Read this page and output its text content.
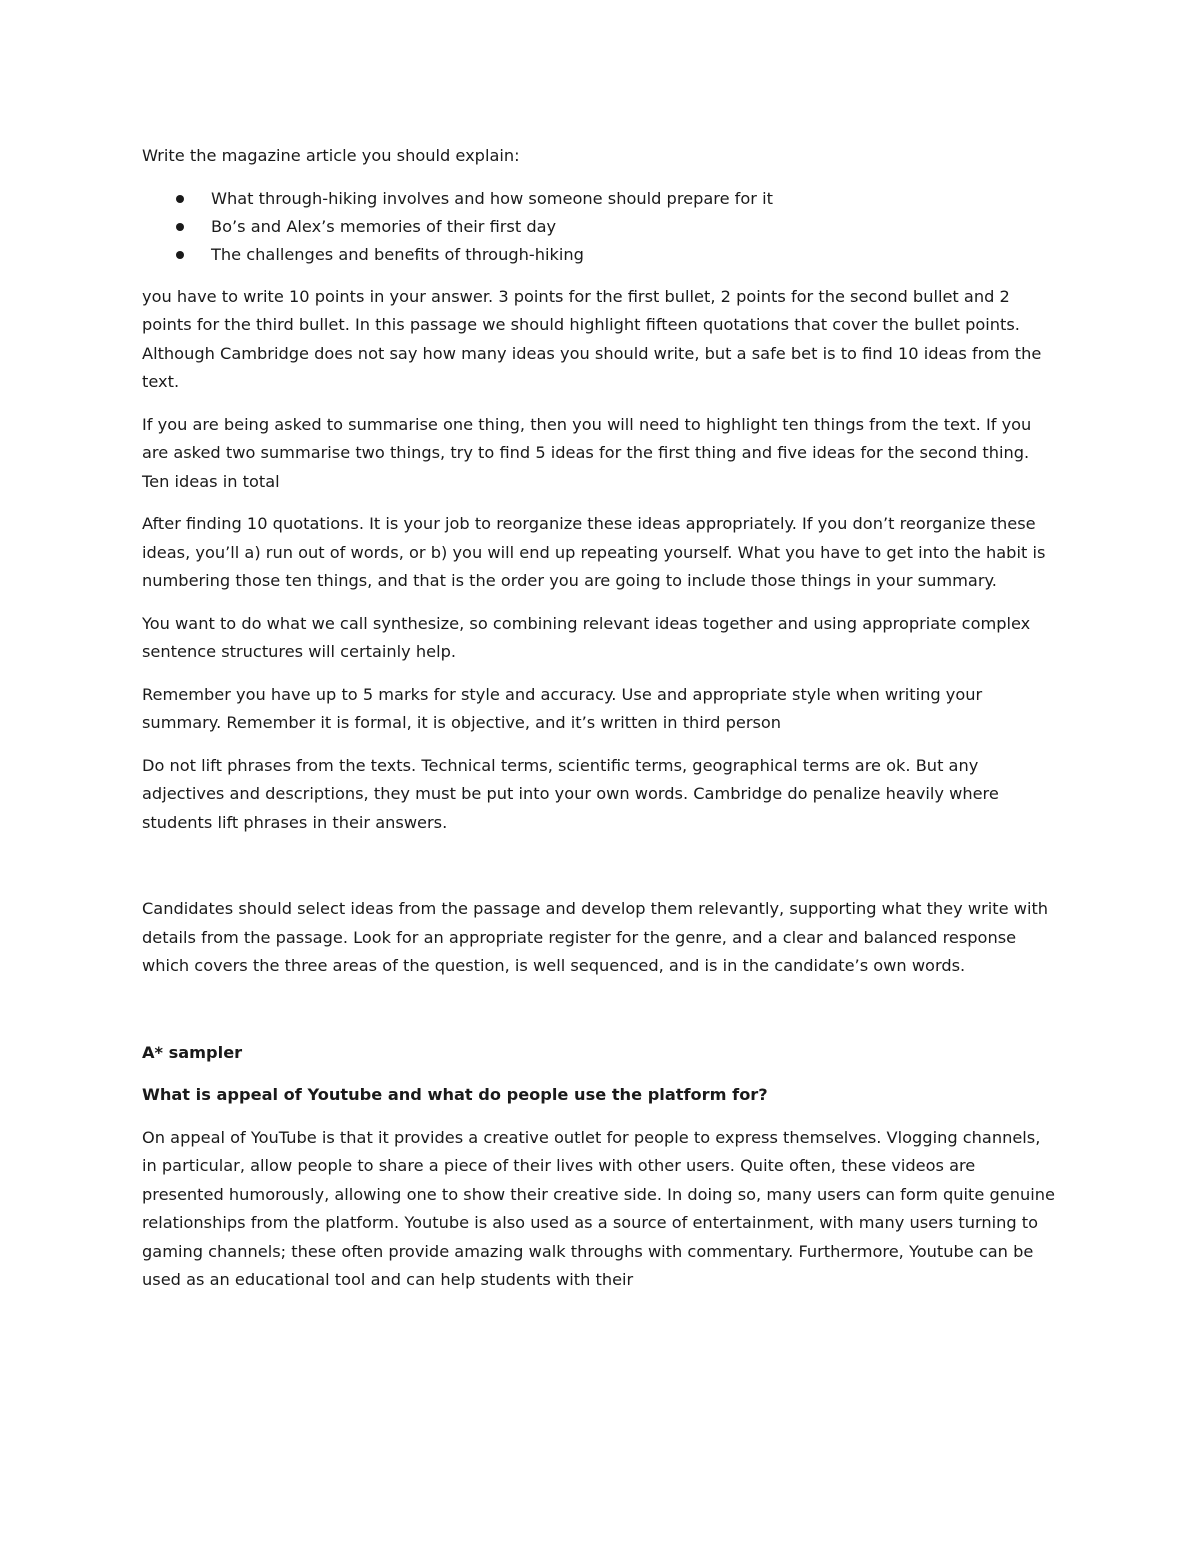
Write the magazine article you should explain:

What through-hiking involves and how someone should prepare for it
Bo’s and Alex’s memories of their first day
The challenges and benefits of through-hiking

you have to write 10 points in your answer. 3 points for the first bullet, 2 points for the second bullet and 2 points for the third bullet. In this passage we should highlight fifteen quotations that cover the bullet points. Although Cambridge does not say how many ideas you should write, but a safe bet is to find 10 ideas from the text.

If you are being asked to summarise one thing, then you will need to highlight ten things from the text. If you are asked two summarise two things, try to find 5 ideas for the first thing and five ideas for the second thing. Ten ideas in total

After finding 10 quotations. It is your job to reorganize these ideas appropriately. If you don’t reorganize these ideas, you’ll a) run out of words, or b) you will end up repeating yourself. What you have to get into the habit is numbering those ten things, and that is the order you are going to include those things in your summary.

You want to do what we call synthesize, so combining relevant ideas together and using appropriate complex sentence structures will certainly help.

Remember you have up to 5 marks for style and accuracy. Use and appropriate style when writing your summary. Remember it is formal, it is objective, and it’s written in third person

Do not lift phrases from the texts. Technical terms, scientific terms, geographical terms are ok. But any adjectives and descriptions, they must be put into your own words. Cambridge do penalize heavily where students lift phrases in their answers.

Candidates should select ideas from the passage and develop them relevantly, supporting what they write with details from the passage. Look for an appropriate register for the genre, and a clear and balanced response which covers the three areas of the question, is well sequenced, and is in the candidate’s own words.

A* sampler

What is appeal of Youtube and what do people use the platform for?

On appeal of YouTube is that it provides a creative outlet for people to express themselves. Vlogging channels, in particular, allow people to share a piece of their lives with other users. Quite often, these videos are presented humorously, allowing one to show their creative side. In doing so, many users can form quite genuine relationships from the platform. Youtube is also used as a source of entertainment, with many users turning to gaming channels; these often provide amazing walk throughs with commentary. Furthermore, Youtube can be used as an educational tool and can help students with their
